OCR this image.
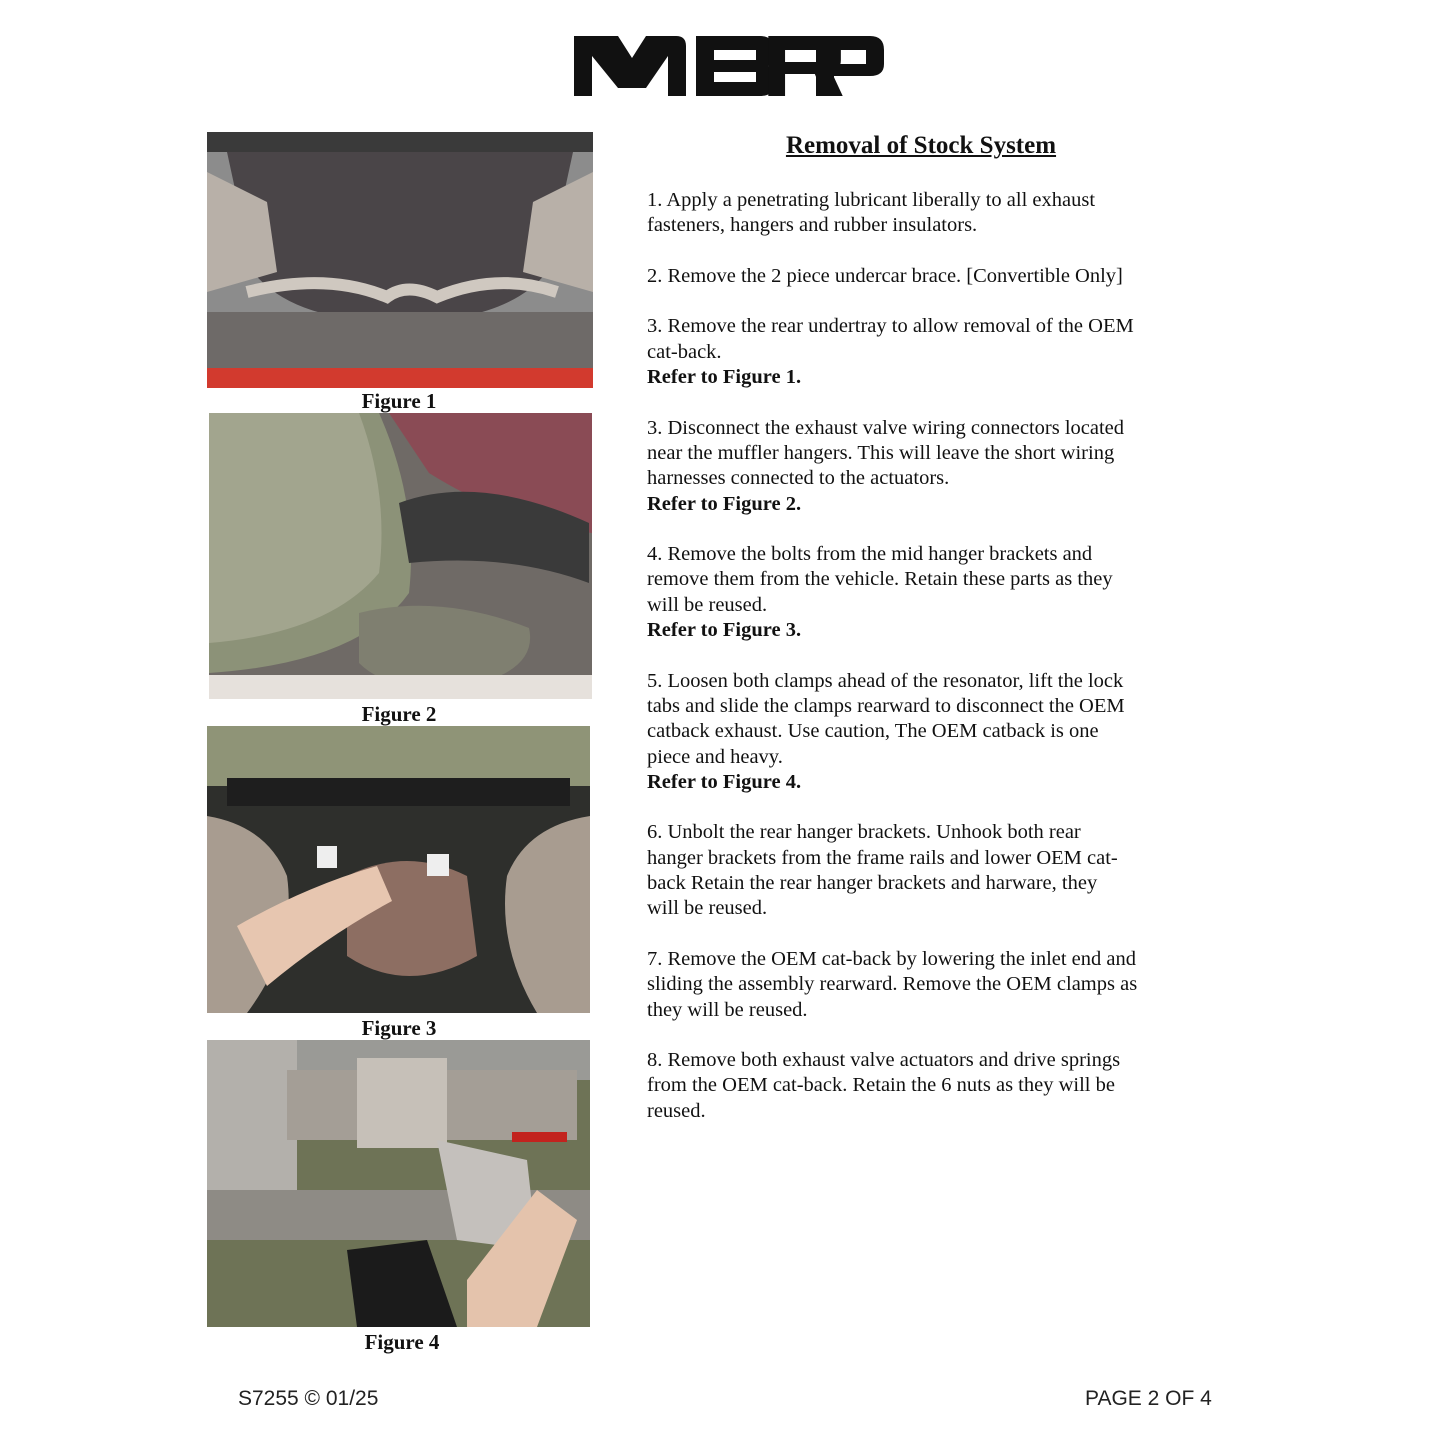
Figure 1
Figure 2
Figure 3
Figure 4
Removal of Stock System
1. Apply a penetrating lubricant liberally to all exhaust
fasteners, hangers and rubber insulators.
2. Remove the 2 piece undercar brace. [Convertible Only]
3. Remove the rear undertray to allow removal of the OEM
cat-back.
Refer to Figure 1.
3. Disconnect the exhaust valve wiring connectors located
near the muffler hangers. This will leave the short wiring
harnesses connected to the actuators.
Refer to Figure 2.
4. Remove the bolts from the mid hanger brackets and
remove them from the vehicle. Retain these parts as they
will be reused.
Refer to Figure 3.
5. Loosen both clamps ahead of the resonator, lift the lock
tabs and slide the clamps rearward to disconnect the OEM
catback exhaust. Use caution, The OEM catback is one
piece and heavy.
Refer to Figure 4.
6. Unbolt the rear hanger brackets. Unhook both rear
hanger brackets from the frame rails and lower OEM cat-
back Retain the rear hanger brackets and harware, they
will be reused.
7. Remove the OEM cat-back by lowering the inlet end and
sliding the assembly rearward. Remove the OEM clamps as
they will be reused.
8. Remove both exhaust valve actuators and drive springs
from the OEM cat-back. Retain the 6 nuts as they will be
reused.
S7255 © 01/25	PAGE 2 OF 4
